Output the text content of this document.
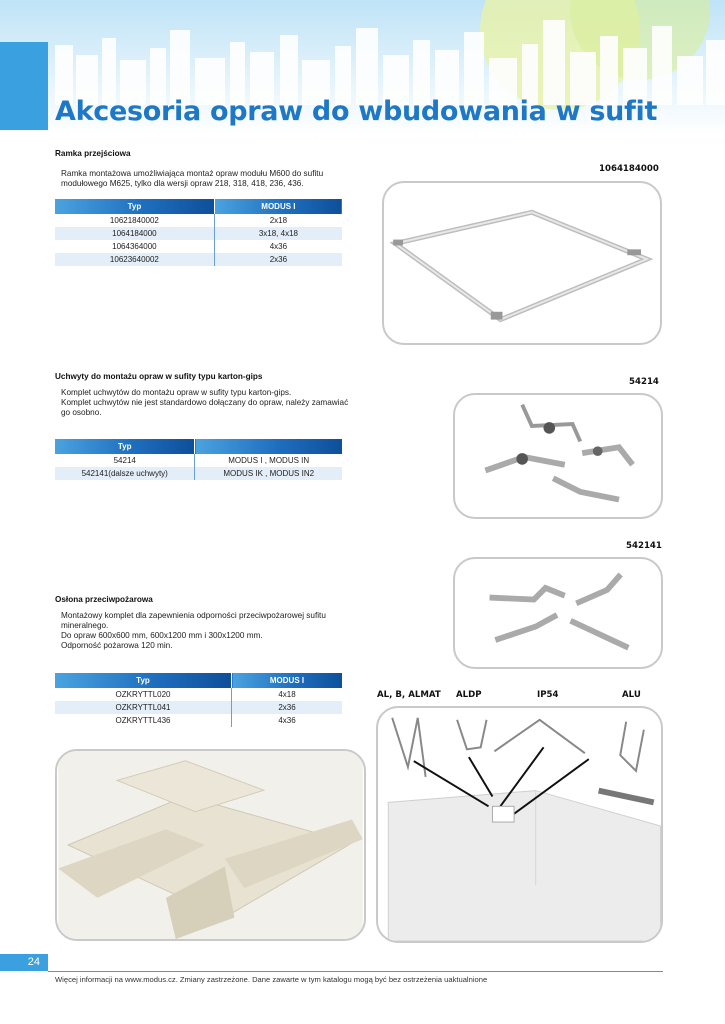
Akcesoria opraw do wbudowania w sufit
Ramka przejściowa
Ramka montażowa umożliwiająca montaż opraw modułu M600 do sufitu
modułowego M625, tylko dla wersji opraw 218, 318, 418, 236, 436.
1064184000
Typ	MODUS I
10621840002	2x18
1064184000	3x18, 4x18
1064364000	4x36
10623640002	2x36
Uchwyty do montażu opraw w sufity typu karton-gips
Komplet uchwytów do montażu opraw w sufity typu karton-gips.
Komplet uchwytów nie jest standardowo dołączany do opraw, należy zamawiać
go osobno.
54214
Typ	
54214	MODUS I , MODUS IN
542141(dalsze uchwyty)	MODUS IK , MODUS IN2
542141
Osłona przeciwpożarowa
Montażowy komplet dla zapewnienia odporności przeciwpożarowej sufitu
mineralnego.
Do opraw 600x600 mm, 600x1200 mm i 300x1200 mm.
Odporność pożarowa 120 min.
Typ	MODUS I
OZKRYTTL020	4x18
OZKRYTTL041	2x36
OZKRYTTL436	4x36
AL, B, ALMAT ALDP	IP54	ALU
24
Więcej informacji na www.modus.cz. Zmiany zastrzeżone. Dane zawarte w tym katalogu mogą być bez ostrzeżenia uaktualnione
